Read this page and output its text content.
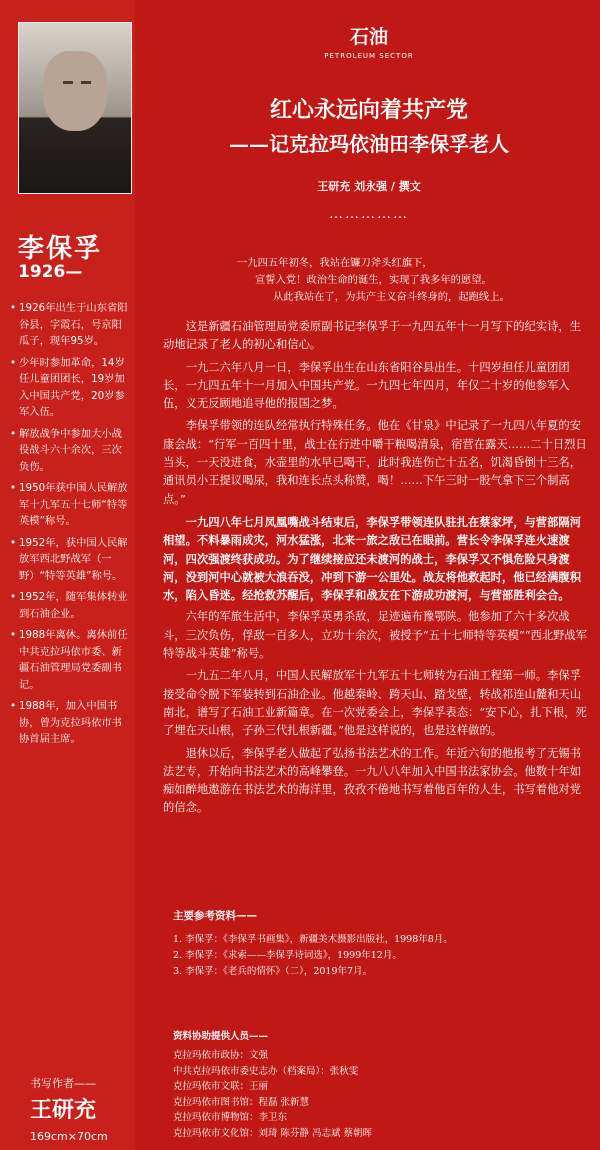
李保孚
1926—
• 1926年出生于山东省阳谷县，字霞石，号京阳瓜子，现年95岁。
• 少年时参加革命，14岁任儿童团团长，19岁加入中国共产党，20岁参军入伍。
• 解放战争中参加大小战役战斗六十余次，三次负伤。
• 1950年获中国人民解放军十九军五十七师“特等英模”称号。
• 1952年，获中国人民解放军西北野战军（一野）“特等英雄”称号。
• 1952年，随军集体转业到石油企业。
• 1988年离休。离休前任中共克拉玛依市委、新疆石油管理局党委副书记。
• 1988年，加入中国书协，曾为克拉玛依市书协首届主席。
书写作者——
王研充
169cm×70cm
石油
PETROLEUM SECTOR
红心永远向着共产党
——记克拉玛依油田李保孚老人
王研充 刘永强 / 撰文
……………
一九四五年初冬，我站在镰刀斧头红旗下，
宣誓入党！政治生命的诞生，实现了我多年的愿望。
从此我站在了，为共产主义奋斗终身的，起跑线上。

这是新疆石油管理局党委原副书记李保孚于一九四五年十一月写下的纪实诗，生动地记录了老人的初心和信心。

一九二六年八月一日，李保孚出生在山东省阳谷县出生。十四岁担任儿童团团长，一九四五年十一月加入中国共产党。一九四七年四月，年仅二十岁的他参军入伍，义无反顾地追寻他的报国之梦。

李保孚带领的连队经常执行特殊任务。他在《甘泉》中记录了一九四八年夏的安康会战：“行军一百四十里，战士在行进中嚼干粮喝清泉，宿营在露天……二十日烈日当头，一天没进食，水壶里的水早已喝干，此时我连伤亡十五名，饥渴昏倒十三名，通讯员小王提议喝尿，我和连长点头称赞，喝！……下午三时一股气拿下三个制高点。”

一九四八年七月凤凰嘴战斗结束后，李保孚带领连队驻扎在蔡家坪，与营部隔河相望。不料暴雨成灾，河水猛涨，北来一旅之敌已在眼前。营长令李保孚连火速渡河，四次强渡终获成功。为了继续接应还未渡河的战士，李保孚又不惧危险只身渡河，没到河中心就被大浪吞没，冲到下游一公里处。战友将他救起时，他已经满腹积水，陷入昏迷。经抢救苏醒后，李保孚和战友在下游成功渡河，与营部胜利会合。

六年的军旅生活中，李保孚英勇杀敌，足迹遍布豫鄂陕。他参加了六十多次战斗，三次负伤，俘敌一百多人，立功十余次，被授予“五十七师特等英模”“西北野战军特等战斗英雄”称号。

一九五二年八月，中国人民解放军十九军五十七师转为石油工程第一师。李保孚接受命令脱下军装转到石油企业。他越秦岭、跨天山、踏戈壁，转战祁连山麓和天山南北，谱写了石油工业新篇章。在一次党委会上，李保孚表态：“安下心，扎下根，死了埋在天山根，子孙三代扎根新疆。”他是这样说的，也是这样做的。

退休以后，李保孚老人做起了弘扬书法艺术的工作。年近六旬的他报考了无锡书法艺专，开始向书法艺术的高峰攀登。一九八八年加入中国书法家协会。他数十年如痴如醉地遨游在书法艺术的海洋里，孜孜不倦地书写着他百年的人生，书写着他对党的信念。

主要参考资料——
1. 李保孚：《李保孚书画集》，新疆美术摄影出版社，1998年8月。
2. 李保孚：《求索——李保孚诗词选》，1999年12月。
3. 李保孚：《老兵的情怀》（二），2019年7月。
资料协助提供人员——
克拉玛依市政协：文强
中共克拉玛依市委史志办（档案局）：张秋雯
克拉玛依市文联：王丽
克拉玛依市图书馆：程磊 张新慧
克拉玛依市博物馆：李卫东
克拉玛依市文化馆：刘琦 陈芬静 冯志斌 蔡朝晖
